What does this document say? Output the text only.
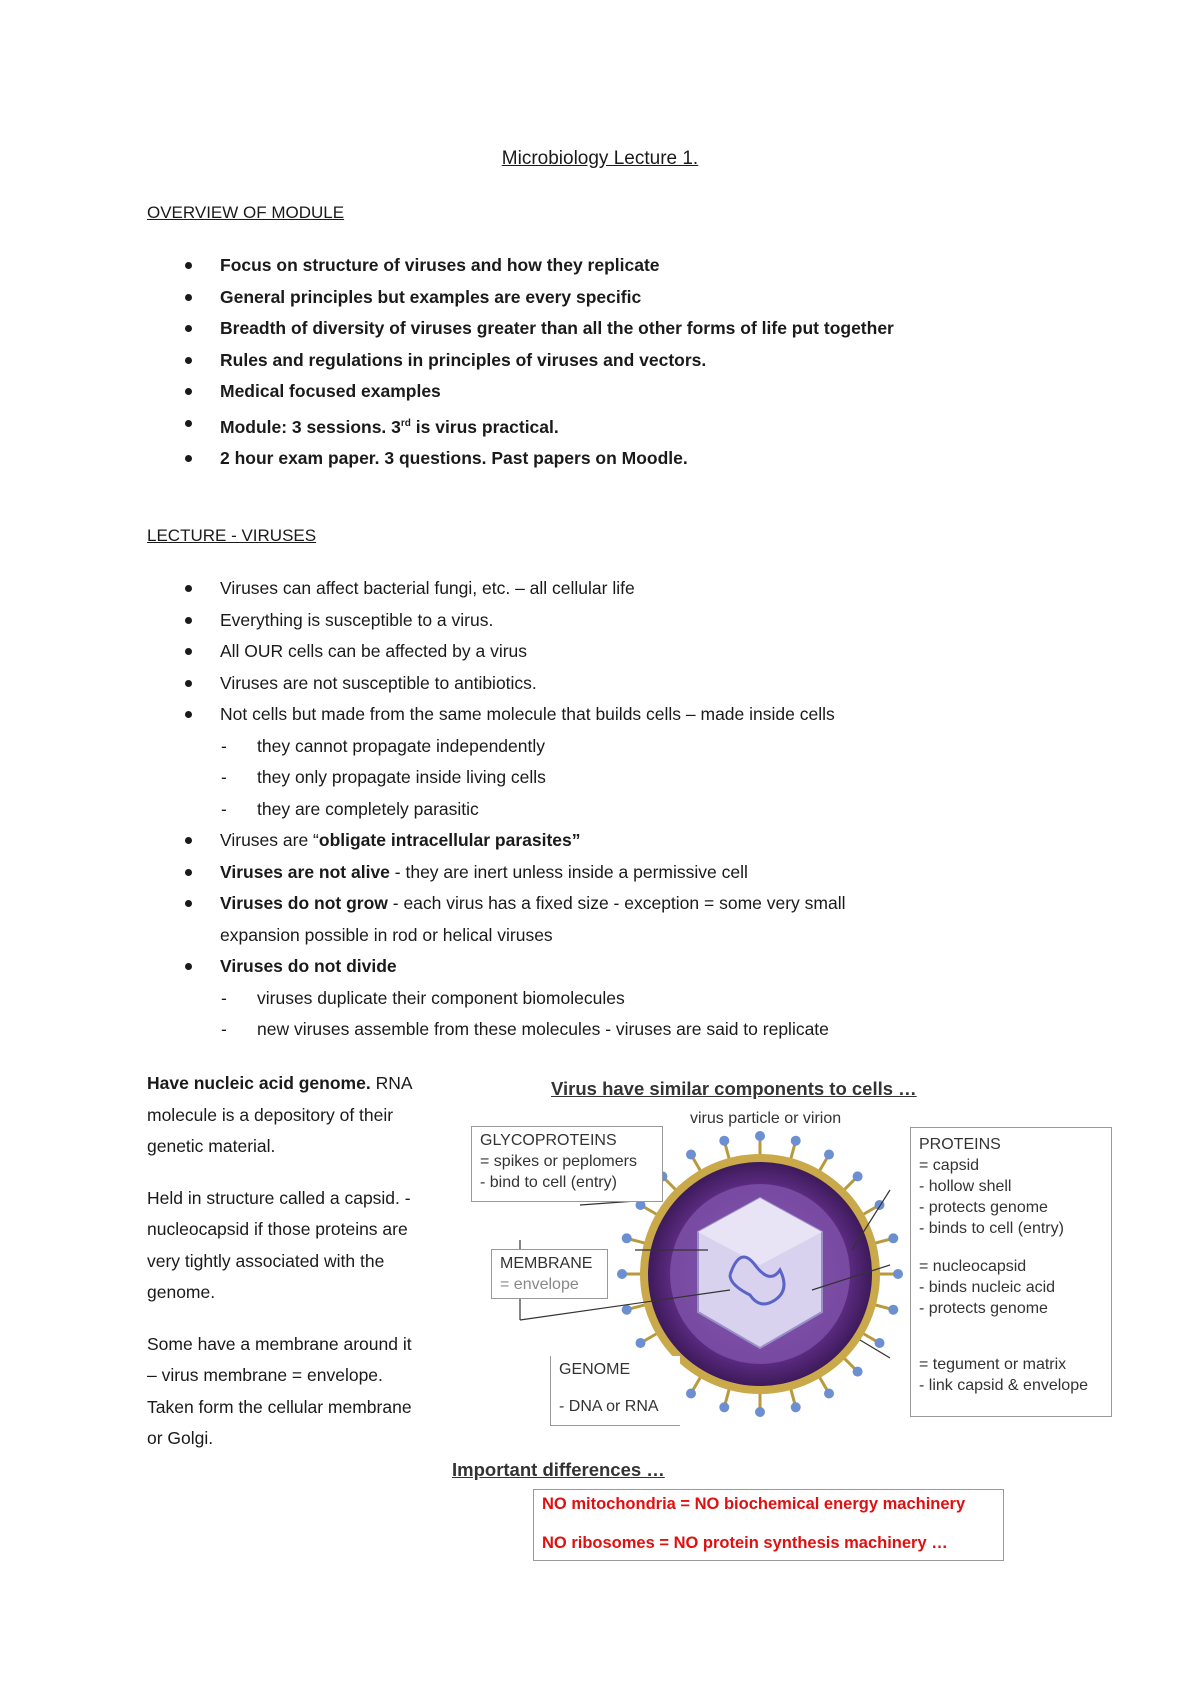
Microbiology Lecture 1.
OVERVIEW OF MODULE
Focus on structure of viruses and how they replicate
General principles but examples are every specific
Breadth of diversity of viruses greater than all the other forms of life put together
Rules and regulations in principles of viruses and vectors.
Medical focused examples
Module: 3 sessions. 3rd is virus practical.
2 hour exam paper. 3 questions. Past papers on Moodle.
LECTURE - VIRUSES
Viruses can affect bacterial fungi, etc. – all cellular life
Everything is susceptible to a virus.
All OUR cells can be affected by a virus
Viruses are not susceptible to antibiotics.
Not cells but made from the same molecule that builds cells – made inside cells
- they cannot propagate independently
- they only propagate inside living cells
- they are completely parasitic
Viruses are “obligate intracellular parasites”
Viruses are not alive - they are inert unless inside a permissive cell
Viruses do not grow - each virus has a fixed size - exception = some very small expansion possible in rod or helical viruses
Viruses do not divide
- viruses duplicate their component biomolecules
- new viruses assemble from these molecules - viruses are said to replicate

Have nucleic acid genome. RNA molecule is a depository of their genetic material.

Held in structure called a capsid. - nucleocapsid if those proteins are very tightly associated with the genome.

Some have a membrane around it – virus membrane = envelope. Taken form the cellular membrane or Golgi.

Virus have similar components to cells …
virus particle or virion
GLYCOPROTEINS
= spikes or peplomers
- bind to cell (entry)
MEMBRANE
= envelope
GENOME
- DNA or RNA
PROTEINS
= capsid
- hollow shell
- protects genome
- binds to cell (entry)
= nucleocapsid
- binds nucleic acid
- protects genome
= tegument or matrix
- link capsid & envelope
Important differences …
NO mitochondria = NO biochemical energy machinery
NO ribosomes = NO protein synthesis machinery …
